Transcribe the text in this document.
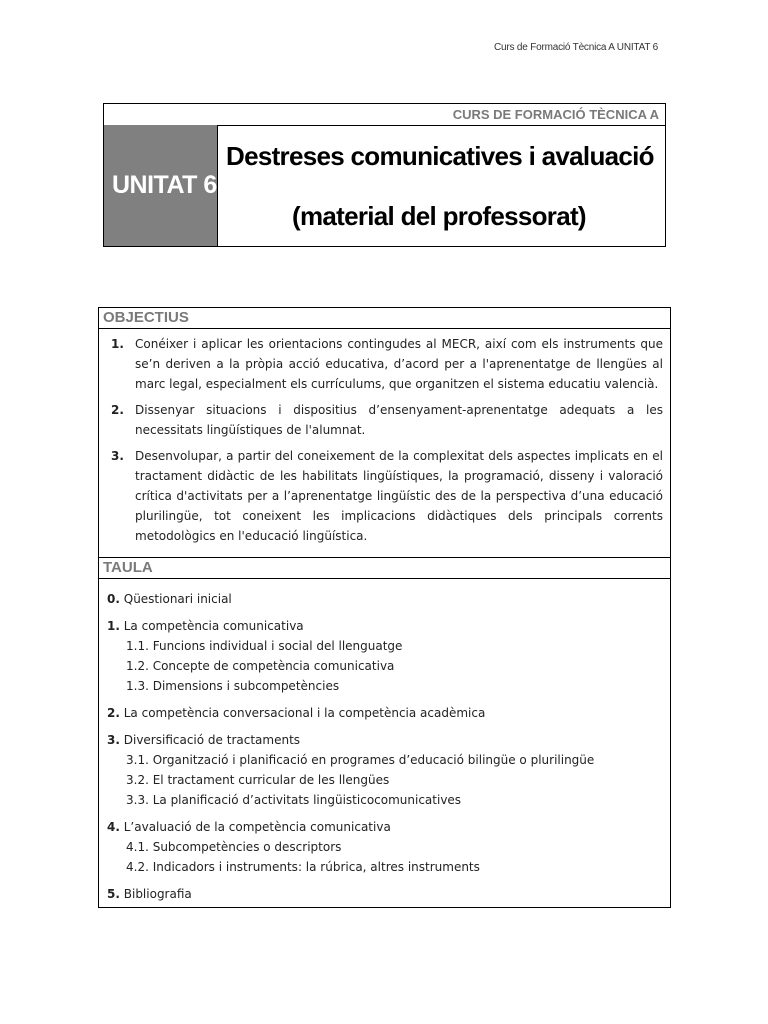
Curs de Formació Tècnica A UNITAT 6
CURS DE FORMACIÓ TÈCNICA A
UNITAT 6
Destreses comunicatives i avaluació
(material del professorat)
OBJECTIUS
1. Conéixer i aplicar les orientacions contingudes al MECR, així com els instruments que se’n deriven a la pròpia acció educativa, d’acord per a l'aprenentatge de llengües al marc legal, especialment els currículums, que organitzen el sistema educatiu valencià.
2. Dissenyar situacions i dispositius d’ensenyament-aprenentatge adequats a les necessitats lingüístiques de l'alumnat.
3. Desenvolupar, a partir del coneixement de la complexitat dels aspectes implicats en el tractament didàctic de les habilitats lingüístiques, la programació, disseny i valoració crítica d'activitats per a l’aprenentatge lingüístic des de la perspectiva d’una educació plurilingüe, tot coneixent les implicacions didàctiques dels principals corrents metodològics en l'educació lingüística.
TAULA
0. Qüestionari inicial
1. La competència comunicativa
1.1. Funcions individual i social del llenguatge
1.2. Concepte de competència comunicativa
1.3. Dimensions i subcompetències
2. La competència conversacional i la competència acadèmica
3. Diversificació de tractaments
3.1. Organització i planificació en programes d’educació bilingüe o plurilingüe
3.2. El tractament curricular de les llengües
3.3. La planificació d’activitats lingüisticocomunicatives
4. L’avaluació de la competència comunicativa
4.1. Subcompetències o descriptors
4.2. Indicadors i instruments: la rúbrica, altres instruments
5. Bibliografia
